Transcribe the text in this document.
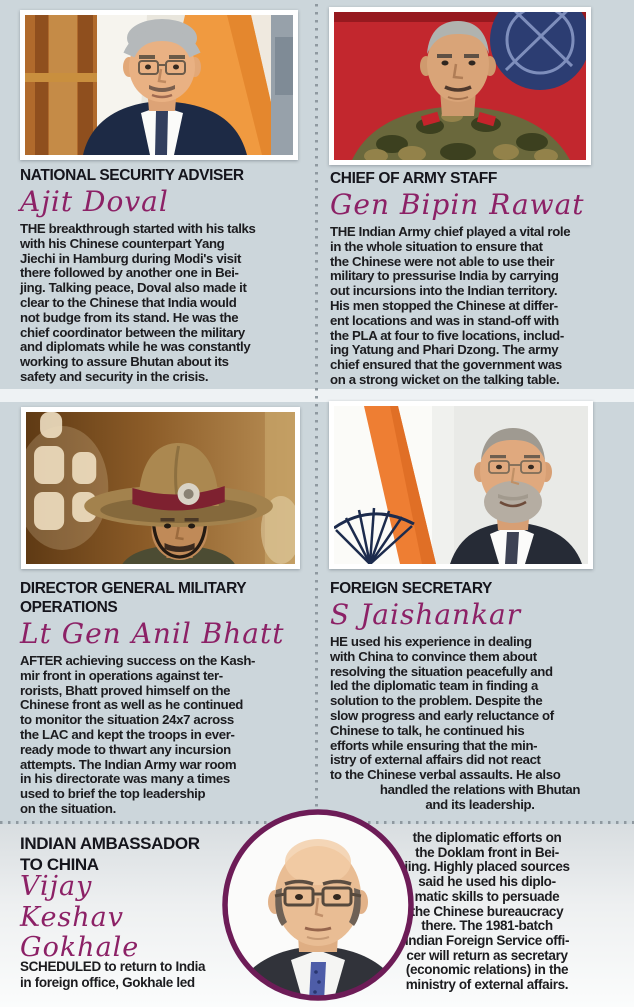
NATIONAL SECURITY ADVISER
Ajit Doval
THE breakthrough started with his talks
with his Chinese counterpart Yang
Jiechi in Hamburg during Modi's visit
there followed by another one in Bei-
jing. Talking peace, Doval also made it
clear to the Chinese that India would
not budge from its stand. He was the
chief coordinator between the military
and diplomats while he was constantly
working to assure Bhutan about its
safety and security in the crisis.
CHIEF OF ARMY STAFF
Gen Bipin Rawat
THE Indian Army chief played a vital role
in the whole situation to ensure that
the Chinese were not able to use their
military to pressurise India by carrying
out incursions into the Indian territory.
His men stopped the Chinese at differ-
ent locations and was in stand-off with
the PLA at four to five locations, includ-
ing Yatung and Phari Dzong. The army
chief ensured that the government was
on a strong wicket on the talking table.
DIRECTOR GENERAL MILITARY
OPERATIONS
Lt Gen Anil Bhatt
AFTER achieving success on the Kash-
mir front in operations against ter-
rorists, Bhatt proved himself on the
Chinese front as well as he continued
to monitor the situation 24x7 across
the LAC and kept the troops in ever-
ready mode to thwart any incursion
attempts. The Indian Army war room
in his directorate was many a times
used to brief the top leadership
on the situation.
FOREIGN SECRETARY
S Jaishankar
HE used his experience in dealing
with China to convince them about
resolving the situation peacefully and
led the diplomatic team in finding a
solution to the problem. Despite the
slow progress and early reluctance of
Chinese to talk, he continued his
efforts while ensuring that the min-
istry of external affairs did not react
to the Chinese verbal assaults. He also
handled the relations with Bhutan
and its leadership.
INDIAN AMBASSADOR
TO CHINA
Vijay
Keshav
Gokhale
SCHEDULED to return to India
in foreign office, Gokhale led
the diplomatic efforts on
the Doklam front in Bei-
jing. Highly placed sources
said he used his diplo-
matic skills to persuade
the Chinese bureaucracy
there. The 1981-batch
Indian Foreign Service offi-
cer will return as secretary
(economic relations) in the
ministry of external affairs.
